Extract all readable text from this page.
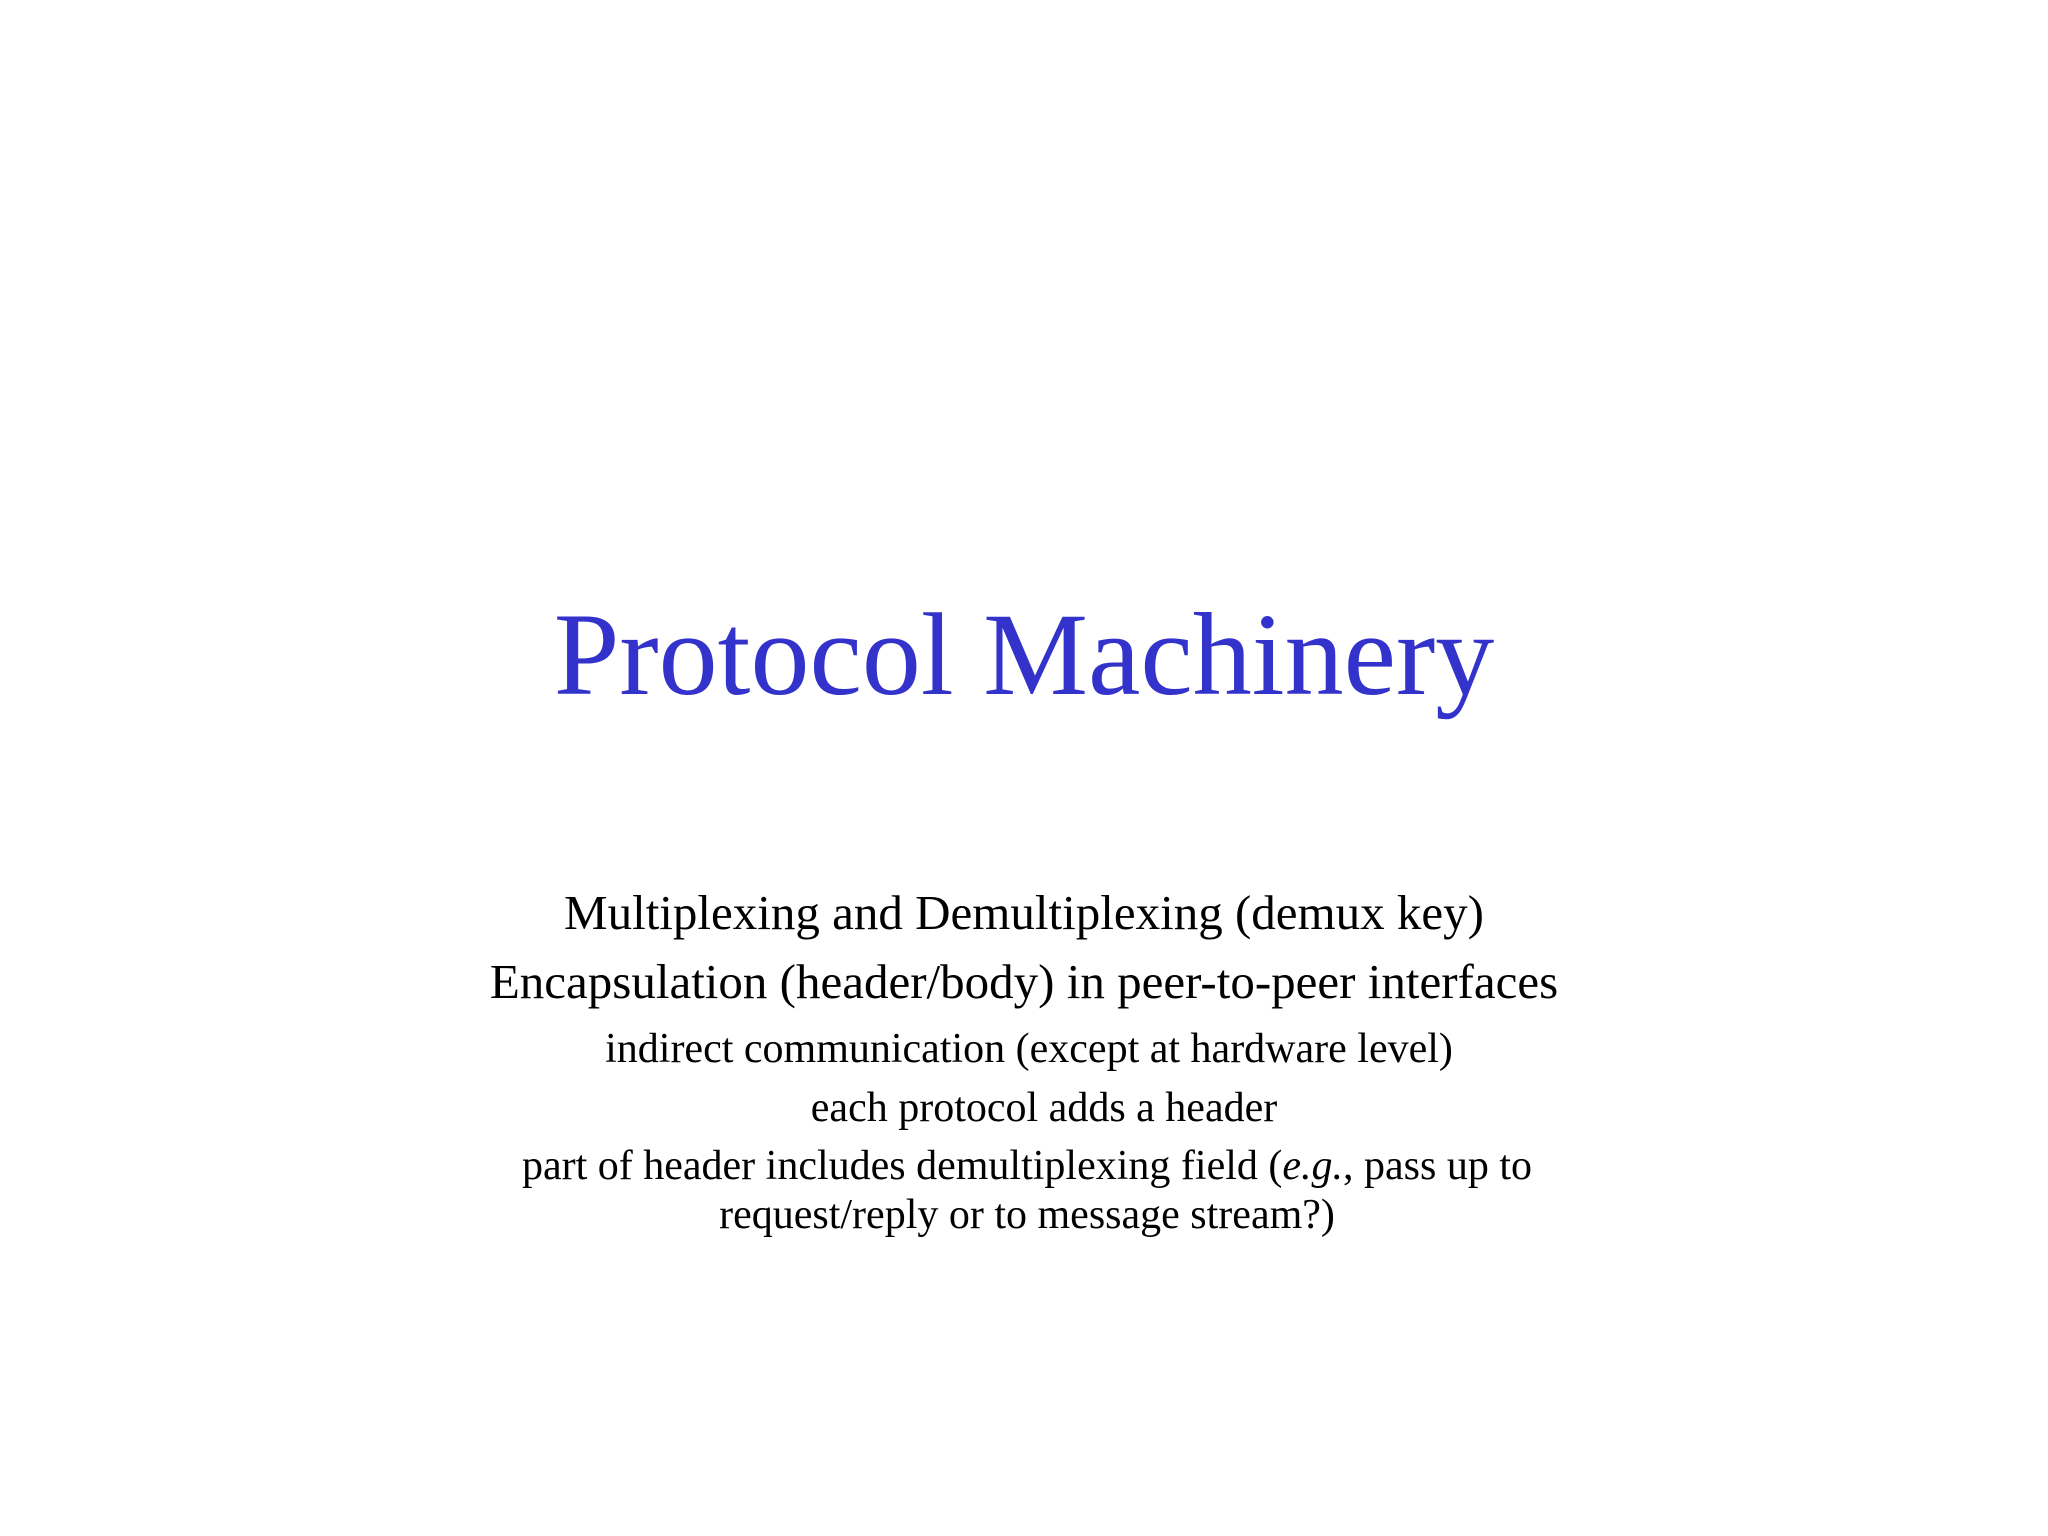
Protocol Machinery
Multiplexing and Demultiplexing (demux key)
Encapsulation (header/body) in peer-to-peer interfaces
indirect communication (except at hardware level)
each protocol adds a header
part of header includes demultiplexing field (e.g., pass up to
request/reply or to message stream?)
